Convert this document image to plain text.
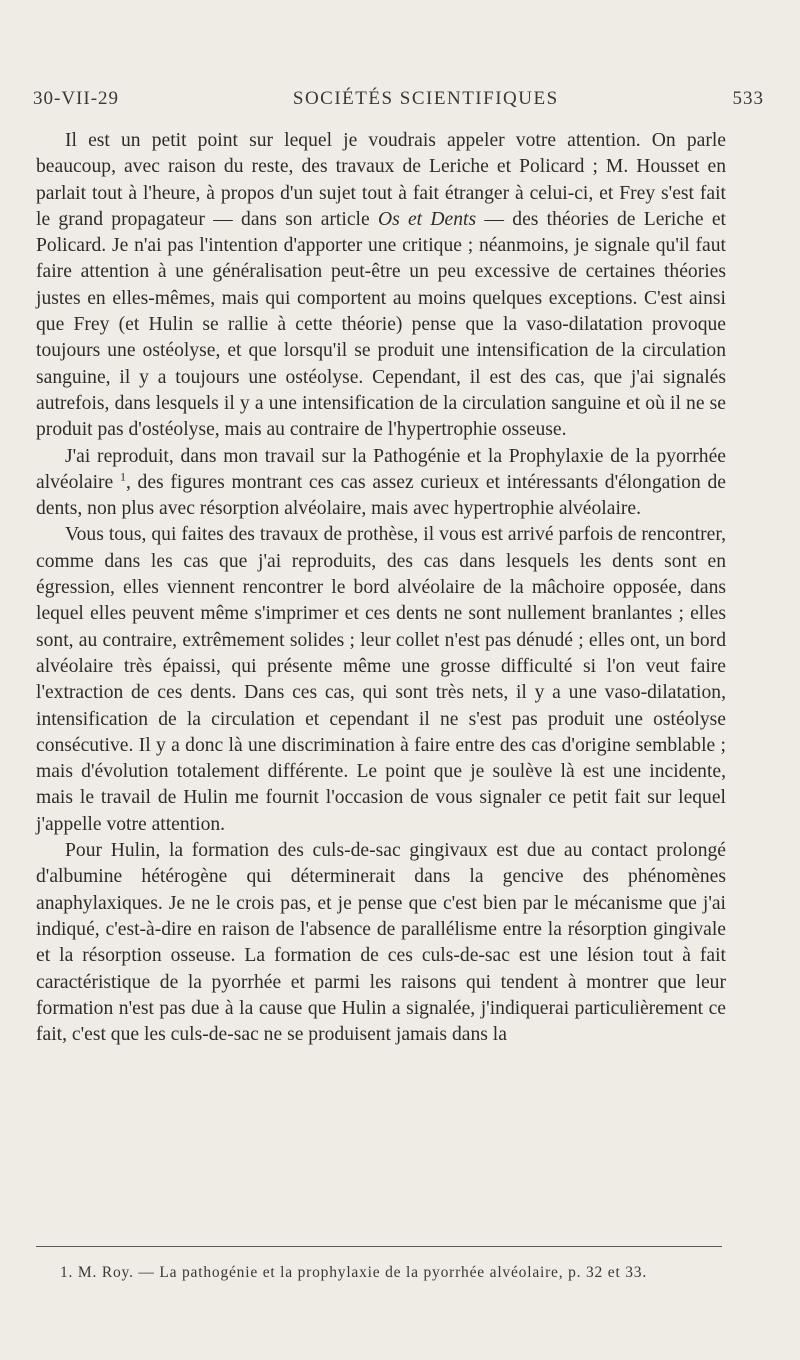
30-VII-29	SOCIÉTÉS SCIENTIFIQUES	533

Il est un petit point sur lequel je voudrais appeler votre attention. On parle beaucoup, avec raison du reste, des travaux de Leriche et Policard ; M. Housset en parlait tout à l'heure, à propos d'un sujet tout à fait étranger à celui-ci, et Frey s'est fait le grand propagateur — dans son article Os et Dents — des théories de Leriche et Policard. Je n'ai pas l'intention d'apporter une critique ; néanmoins, je signale qu'il faut faire attention à une généralisation peut-être un peu excessive de certaines théories justes en elles-mêmes, mais qui comportent au moins quelques exceptions. C'est ainsi que Frey (et Hulin se rallie à cette théorie) pense que la vaso-dilatation provoque toujours une ostéolyse, et que lorsqu'il se produit une intensification de la circulation sanguine, il y a toujours une ostéolyse. Cependant, il est des cas, que j'ai signalés autrefois, dans lesquels il y a une intensification de la circulation sanguine et où il ne se produit pas d'ostéolyse, mais au contraire de l'hypertrophie osseuse.

J'ai reproduit, dans mon travail sur la Pathogénie et la Prophylaxie de la pyorrhée alvéolaire $^1$, des figures montrant ces cas assez curieux et intéressants d'élongation de dents, non plus avec résorption alvéolaire, mais avec hypertrophie alvéolaire.

Vous tous, qui faites des travaux de prothèse, il vous est arrivé parfois de rencontrer, comme dans les cas que j'ai reproduits, des cas dans lesquels les dents sont en égression, elles viennent rencontrer le bord alvéolaire de la mâchoire opposée, dans lequel elles peuvent même s'imprimer et ces dents ne sont nullement branlantes ; elles sont, au contraire, extrêmement solides ; leur collet n'est pas dénudé ; elles ont, un bord alvéolaire très épaissi, qui présente même une grosse difficulté si l'on veut faire l'extraction de ces dents. Dans ces cas, qui sont très nets, il y a une vaso-dilatation, intensification de la circulation et cependant il ne s'est pas produit une ostéolyse consécutive. Il y a donc là une discrimination à faire entre des cas d'origine semblable ; mais d'évolution totalement différente. Le point que je soulève là est une incidente, mais le travail de Hulin me fournit l'occasion de vous signaler ce petit fait sur lequel j'appelle votre attention.

Pour Hulin, la formation des culs-de-sac gingivaux est due au contact prolongé d'albumine hétérogène qui déterminerait dans la gencive des phénomènes anaphylaxiques. Je ne le crois pas, et je pense que c'est bien par le mécanisme que j'ai indiqué, c'est-à-dire en raison de l'absence de parallélisme entre la résorption gingivale et la résorption osseuse. La formation de ces culs-de-sac est une lésion tout à fait caractéristique de la pyorrhée et parmi les raisons qui tendent à montrer que leur formation n'est pas due à la cause que Hulin a signalée, j'indiquerai particulièrement ce fait, c'est que les culs-de-sac ne se produisent jamais dans la

1. M. Roy. — La pathogénie et la prophylaxie de la pyorrhée alvéolaire, p. 32 et 33.
